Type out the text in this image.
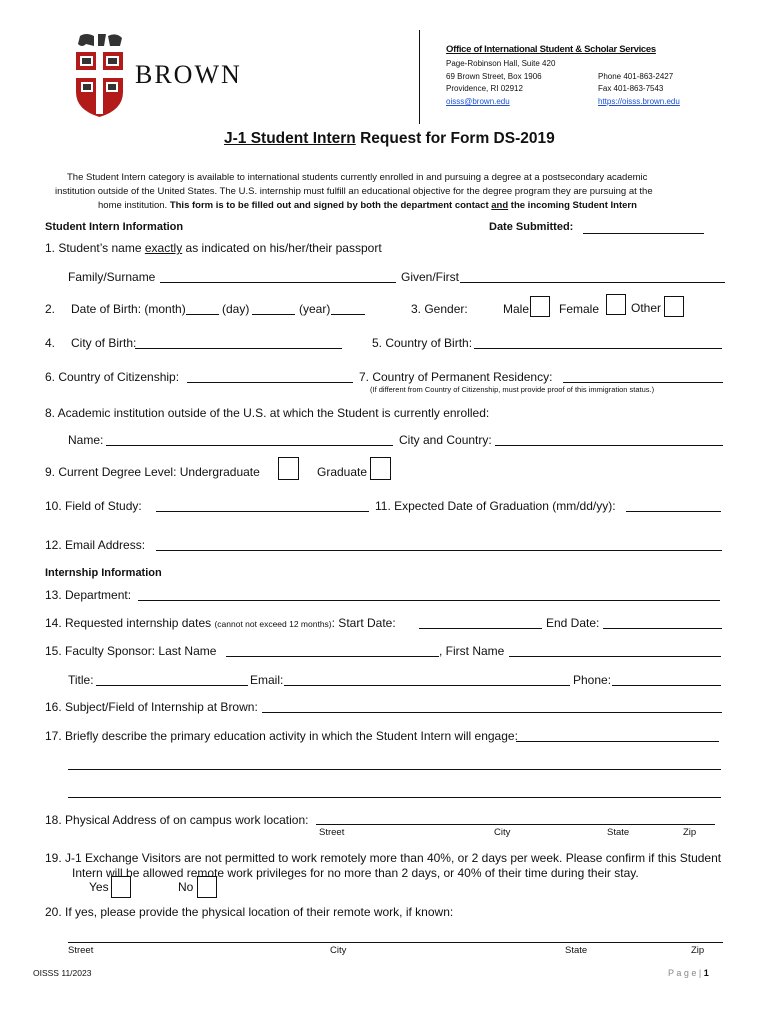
BROWN
Office of International Student & Scholar Services
Page-Robinson Hall, Suite 420
69 Brown Street, Box 1906
Providence, RI 02912
oisss@brown.edu
Phone 401-863-2427
Fax 401-863-7543
https://oisss.brown.edu
J-1 Student Intern Request for Form DS-2019
The Student Intern category is available to international students currently enrolled in and pursuing a degree at a postsecondary academic
institution outside of the United States. The U.S. internship must fulfill an educational objective for the degree program they are pursuing at the
home institution. This form is to be filled out and signed by both the department contact and the incoming Student Intern
Student Intern Information	Date Submitted:
1. Student’s name exactly as indicated on his/her/their passport
Family/Surname	Given/First
2. Date of Birth: (month)	(day)	(year)	3. Gender:	Male Female	Other
4. City of Birth:	5. Country of Birth:
6. Country of Citizenship:	7. Country of Permanent Residency:
(If different from Country of Citizenship, must provide proof of this immigration status.)
8. Academic institution outside of the U.S. at which the Student is currently enrolled:
Name:	City and Country:
9. Current Degree Level: Undergraduate	Graduate
10. Field of Study:	11. Expected Date of Graduation (mm/dd/yy):
12. Email Address:
Internship Information
13. Department:
14. Requested internship dates (cannot not exceed 12 months): Start Date:	End Date:
15. Faculty Sponsor: Last Name	, First Name
Title:	Email:	Phone:
16. Subject/Field of Internship at Brown:
17. Briefly describe the primary education activity in which the Student Intern will engage:
18. Physical Address of on campus work location:
Street	City	State	Zip
19. J-1 Exchange Visitors are not permitted to work remotely more than 40%, or 2 days per week. Please confirm if this Student
Intern will be allowed remote work privileges for no more than 2 days, or 40% of their time during their stay.
Yes	No
20. If yes, please provide the physical location of their remote work, if known:
Street	City	State	Zip
OISSS 11/2023	P a g e | 1
